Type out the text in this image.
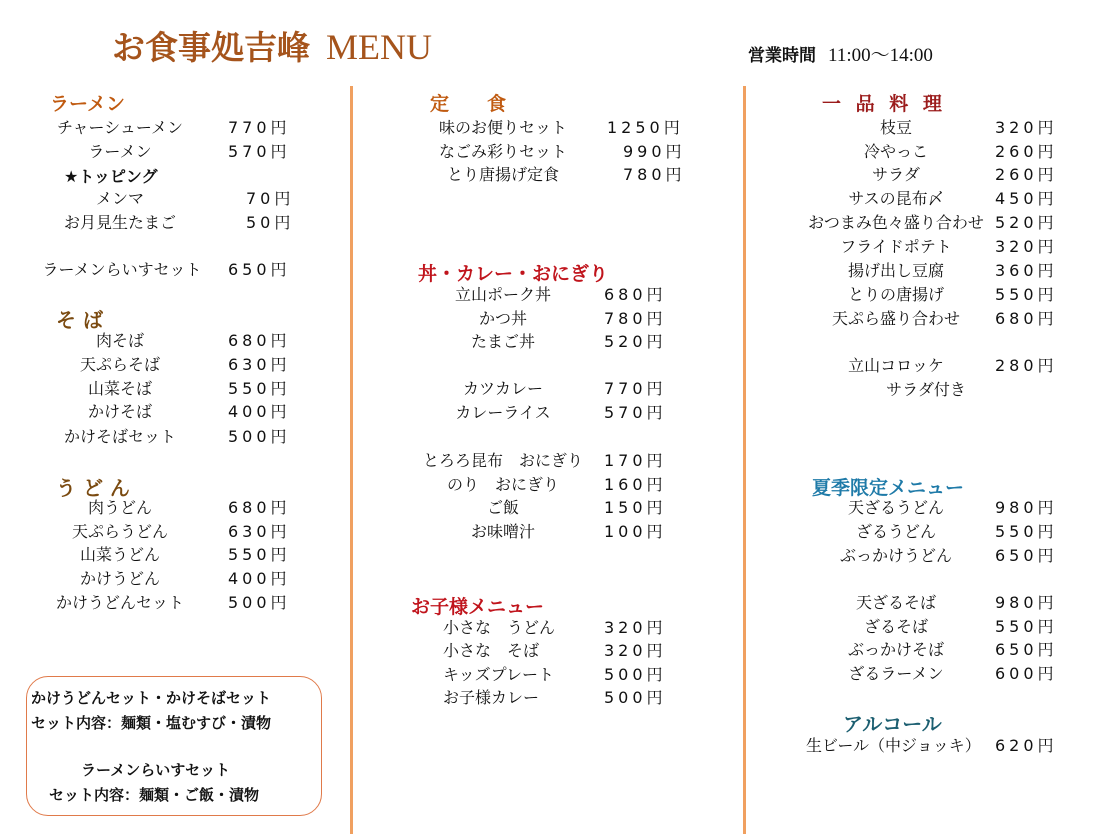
お食事処吉峰 MENU	営業時間 11:00〜14:00
ラーメン
チャーシューメン	770円
ラーメン	570円
★トッピング
メンマ	70円
お月見生たまご	50円
ラーメンらいすセット 650円
そ ば
肉そば	680円
天ぷらそば	630円
山菜そば	550円
かけそば	400円
かけそばセット	500円
う ど ん
肉うどん	680円
天ぷらうどん	630円
山菜うどん	550円
かけうどん	400円
かけうどんセット	500円
かけうどんセット・かけそばセット
セット内容：麺類・塩むすび・漬物
ラーメンらいすセット
セット内容：麺類・ご飯・漬物
定　　食
味のお便りセット	1250円
なごみ彩りセット	990円
とり唐揚げ定食	780円
丼・カレー・おにぎり
立山ポーク丼	680円
かつ丼	780円
たまご丼	520円
カツカレー	770円
カレーライス	570円
とろろ昆布　おにぎり	170円
のり　おにぎり	160円
ご飯	150円
お味噌汁	100円
お子様メニュー
小さな　うどん	320円
小さな　そば	320円
キッズプレート	500円
お子様カレー	500円
一 品 料 理
枝豆	320円
冷やっこ	260円
サラダ	260円
サスの昆布〆	450円
おつまみ色々盛り合わせ 520円
フライドポテト	320円
揚げ出し豆腐	360円
とりの唐揚げ	550円
天ぷら盛り合わせ	680円
立山コロッケ	280円
サラダ付き
夏季限定メニュー
天ざるうどん	980円
ざるうどん	550円
ぶっかけうどん	650円
天ざるそば	980円
ざるそば	550円
ぶっかけそば	650円
ざるラーメン	600円
アルコール
生ビール（中ジョッキ） 620円
